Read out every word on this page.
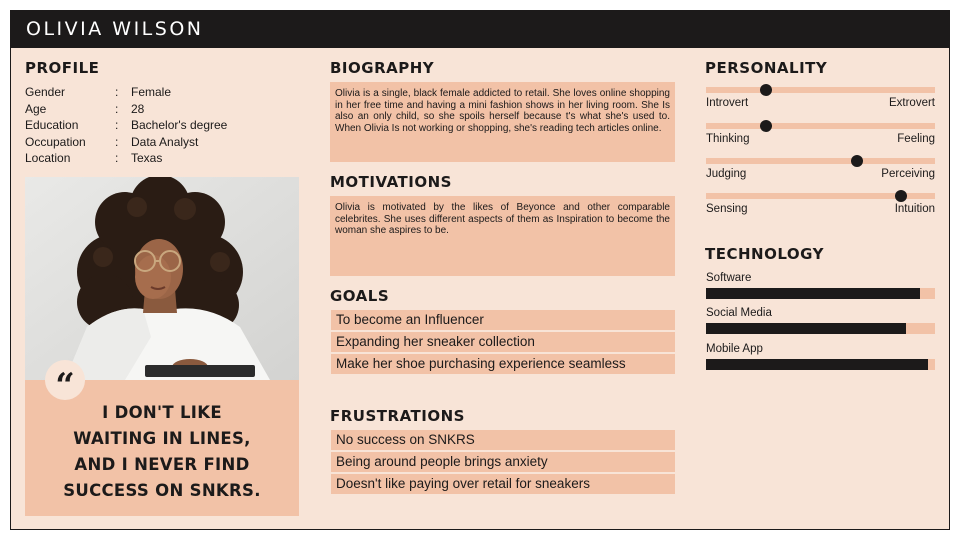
OLIVIA WILSON
PROFILE
Gender	:	Female
Age	:	28
Education	:	Bachelor's degree
Occupation	:	Data Analyst
Location	:	Texas
I DON'T LIKE
WAITING IN LINES,
AND I NEVER FIND
SUCCESS ON SNKRS.
“
BIOGRAPHY
Olivia is a single, black female addicted to retail. She loves online shopping in her free time and having a mini fashion shows in her living room. She Is also an only child, so she spoils herself because t's what she's used to. When Olivia Is not working or shopping, she's reading tech articles online.
MOTIVATIONS
Olivia is motivated by the likes of Beyonce and other comparable celebrites. She uses different aspects of them as Inspiration to become the woman she aspires to be.
GOALS
To become an Influencer
Expanding her sneaker collection
Make her shoe purchasing experience seamless
FRUSTRATIONS
No success on SNKRS
Being around people brings anxiety
Doesn't like paying over retail for sneakers
PERSONALITY
Introvert	Extrovert
Thinking	Feeling
Judging	Perceiving
Sensing	Intuition
TECHNOLOGY
Software
Social Media
Mobile App
